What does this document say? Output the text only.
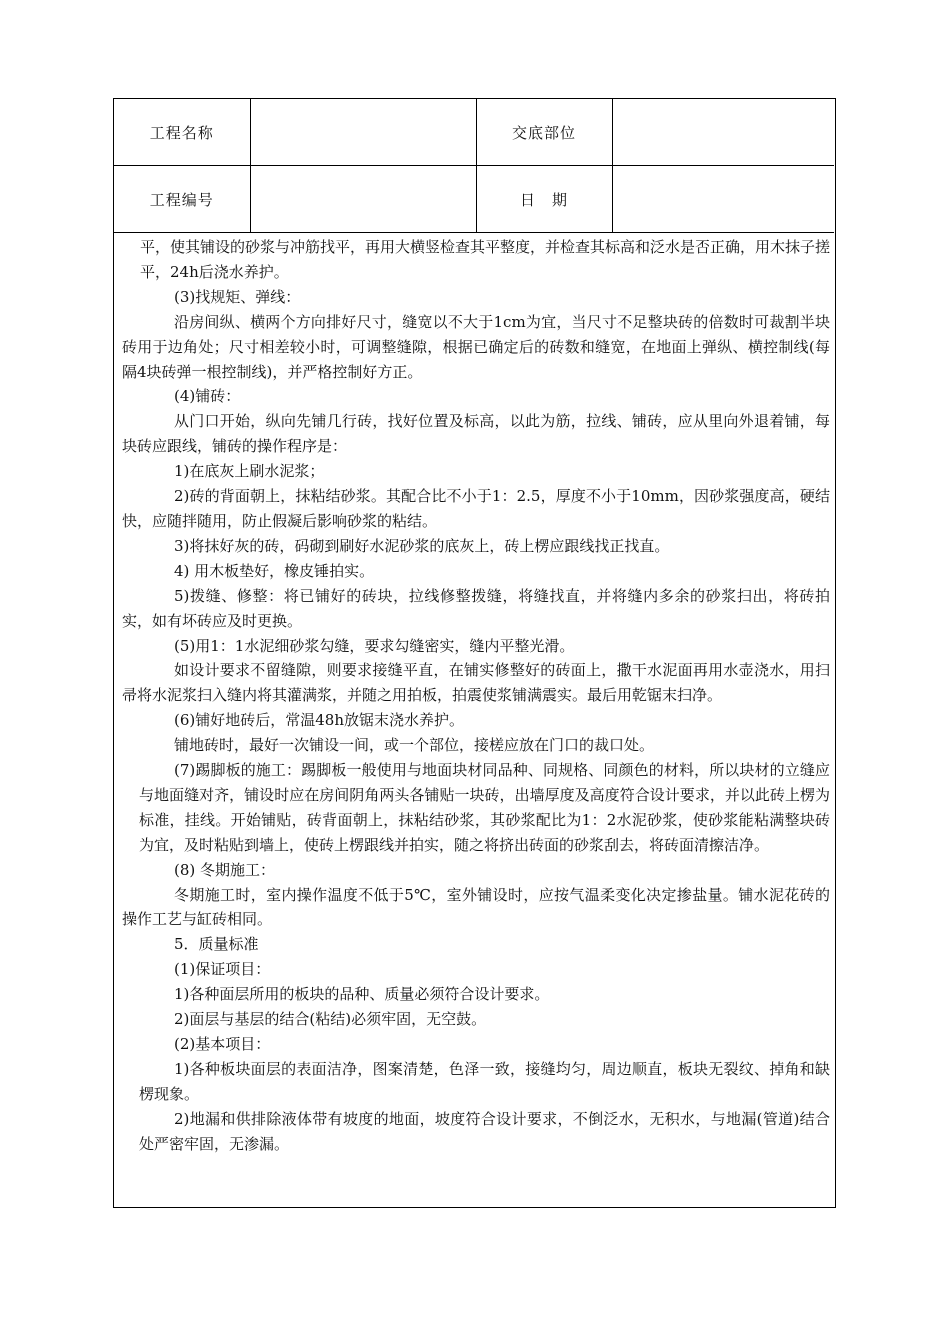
工程名称		交底部位	
工程编号		日　期	

平，使其铺设的砂浆与冲筋找平，再用大横竖检查其平整度，并检查其标高和泛水是否正确，用木抹子搓平，24h后浇水养护。

(3)找规矩、弹线：

沿房间纵、横两个方向排好尺寸，缝宽以不大于1cm为宜，当尺寸不足整块砖的倍数时可裁割半块砖用于边角处；尺寸相差较小时，可调整缝隙，根据已确定后的砖数和缝宽，在地面上弹纵、横控制线(每隔4块砖弹一根控制线)，并严格控制好方正。

(4)铺砖：

从门口开始，纵向先铺几行砖，找好位置及标高，以此为筋，拉线、铺砖，应从里向外退着铺，每块砖应跟线，铺砖的操作程序是：

1)在底灰上刷水泥浆；

2)砖的背面朝上，抹粘结砂浆。其配合比不小于1：2.5，厚度不小于10mm，因砂浆强度高，硬结快，应随拌随用，防止假凝后影响砂浆的粘结。

3)将抹好灰的砖，码砌到刷好水泥砂浆的底灰上，砖上楞应跟线找正找直。

4) 用木板垫好，橡皮锤拍实。

5)拨缝、修整：将已铺好的砖块，拉线修整拨缝，将缝找直，并将缝内多余的砂浆扫出，将砖拍实，如有坏砖应及时更换。

(5)用1：1水泥细砂浆勾缝，要求勾缝密实，缝内平整光滑。

如设计要求不留缝隙，则要求接缝平直，在铺实修整好的砖面上，撒干水泥面再用水壶浇水，用扫帚将水泥浆扫入缝内将其灌满浆，并随之用拍板，拍震使浆铺满震实。最后用乾锯末扫净。

(6)铺好地砖后，常温48h放锯末浇水养护。

铺地砖时，最好一次铺设一间，或一个部位，接槎应放在门口的裁口处。

(7)踢脚板的施工：踢脚板一般使用与地面块材同品种、同规格、同颜色的材料，所以块材的立缝应与地面缝对齐，铺设时应在房间阴角两头各铺贴一块砖，出墙厚度及高度符合设计要求，并以此砖上楞为标准，挂线。开始铺贴，砖背面朝上，抹粘结砂浆，其砂浆配比为1：2水泥砂浆，使砂浆能粘满整块砖为宜，及时粘贴到墙上，使砖上楞跟线并拍实，随之将挤出砖面的砂浆刮去，将砖面清擦洁净。

(8) 冬期施工：

冬期施工时，室内操作温度不低于5℃，室外铺设时，应按气温柔变化决定掺盐量。铺水泥花砖的操作工艺与缸砖相同。

5．质量标准

(1)保证项目：

1)各种面层所用的板块的品种、质量必须符合设计要求。

2)面层与基层的结合(粘结)必须牢固，无空鼓。

(2)基本项目：

1)各种板块面层的表面洁净，图案清楚，色泽一致，接缝均匀，周边顺直，板块无裂纹、掉角和缺楞现象。

2)地漏和供排除液体带有坡度的地面，坡度符合设计要求，不倒泛水，无积水，与地漏(管道)结合处严密牢固，无渗漏。
